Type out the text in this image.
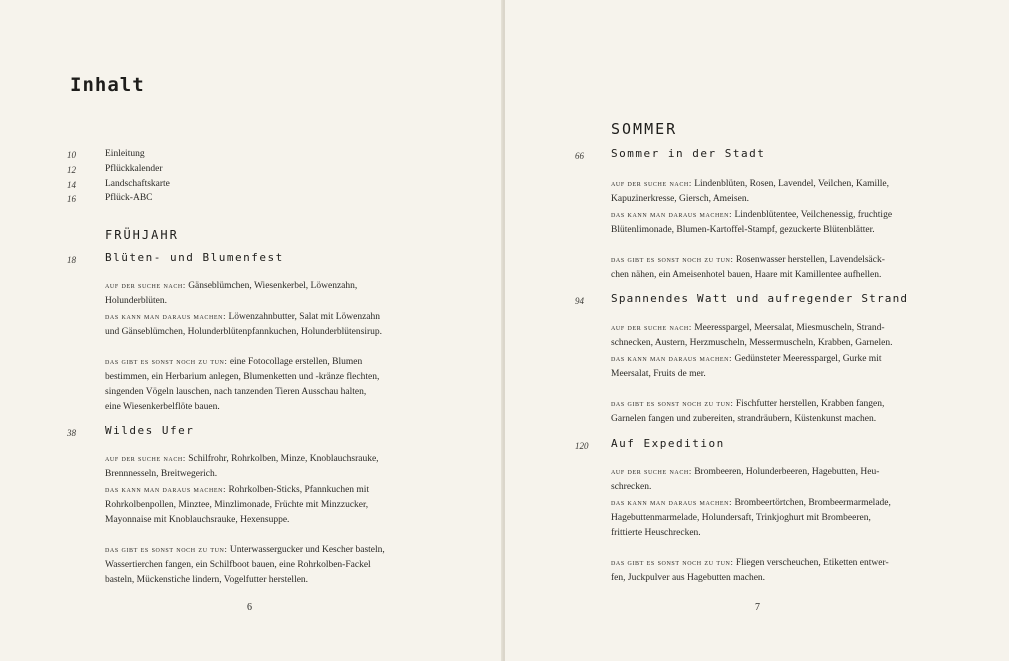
Inhalt
10	Einleitung
12	Pflückkalender
14	Landschaftskarte
16	Pflück-ABC
FRÜHJAHR
18	Blüten- und Blumenfest

auf der suche nach: Gänseblümchen, Wiesenkerbel, Löwenzahn,

Holunderblüten.

das kann man daraus machen: Löwenzahnbutter, Salat mit Löwenzahn

und Gänseblümchen, Holunderblütenpfannkuchen, Holunderblütensirup.

das gibt es sonst noch zu tun: eine Fotocollage erstellen, Blumen

bestimmen, ein Herbarium anlegen, Blumenketten und -kränze flechten,

singenden Vögeln lauschen, nach tanzenden Tieren Ausschau halten,

eine Wiesenkerbelflöte bauen.

38	Wildes Ufer

auf der suche nach: Schilfrohr, Rohrkolben, Minze, Knoblauchsrauke,

Brennnesseln, Breitwegerich.

das kann man daraus machen: Rohrkolben-Sticks, Pfannkuchen mit

Rohrkolbenpollen, Minztee, Minzlimonade, Früchte mit Minzzucker,

Mayonnaise mit Knoblauchsrauke, Hexensuppe.

das gibt es sonst noch zu tun: Unterwassergucker und Kescher basteln,

Wassertierchen fangen, ein Schilfboot bauen, eine Rohrkolben-Fackel

basteln, Mückenstiche lindern, Vogelfutter herstellen.

6
SOMMER
66 Sommer in der Stadt

auf der suche nach: Lindenblüten, Rosen, Lavendel, Veilchen, Kamille,

Kapuzinerkresse, Giersch, Ameisen.

das kann man daraus machen: Lindenblütentee, Veilchenessig, fruchtige

Blütenlimonade, Blumen-Kartoffel-Stampf, gezuckerte Blütenblätter.

das gibt es sonst noch zu tun: Rosenwasser herstellen, Lavendelsäck-

chen nähen, ein Ameisenhotel bauen, Haare mit Kamillentee aufhellen.

94 Spannendes Watt und aufregender Strand

auf der suche nach: Meeresspargel, Meersalat, Miesmuscheln, Strand-

schnecken, Austern, Herzmuscheln, Messermuscheln, Krabben, Garnelen.

das kann man daraus machen: Gedünsteter Meeresspargel, Gurke mit

Meersalat, Fruits de mer.

das gibt es sonst noch zu tun: Fischfutter herstellen, Krabben fangen,

Garnelen fangen und zubereiten, strandräubern, Küstenkunst machen.

120 Auf Expedition

auf der suche nach: Brombeeren, Holunderbeeren, Hagebutten, Heu-

schrecken.

das kann man daraus machen: Brombeertörtchen, Brombeermarmelade,

Hagebuttenmarmelade, Holundersaft, Trinkjoghurt mit Brombeeren,

frittierte Heuschrecken.

das gibt es sonst noch zu tun: Fliegen verscheuchen, Etiketten entwer-

fen, Juckpulver aus Hagebutten machen.

7
